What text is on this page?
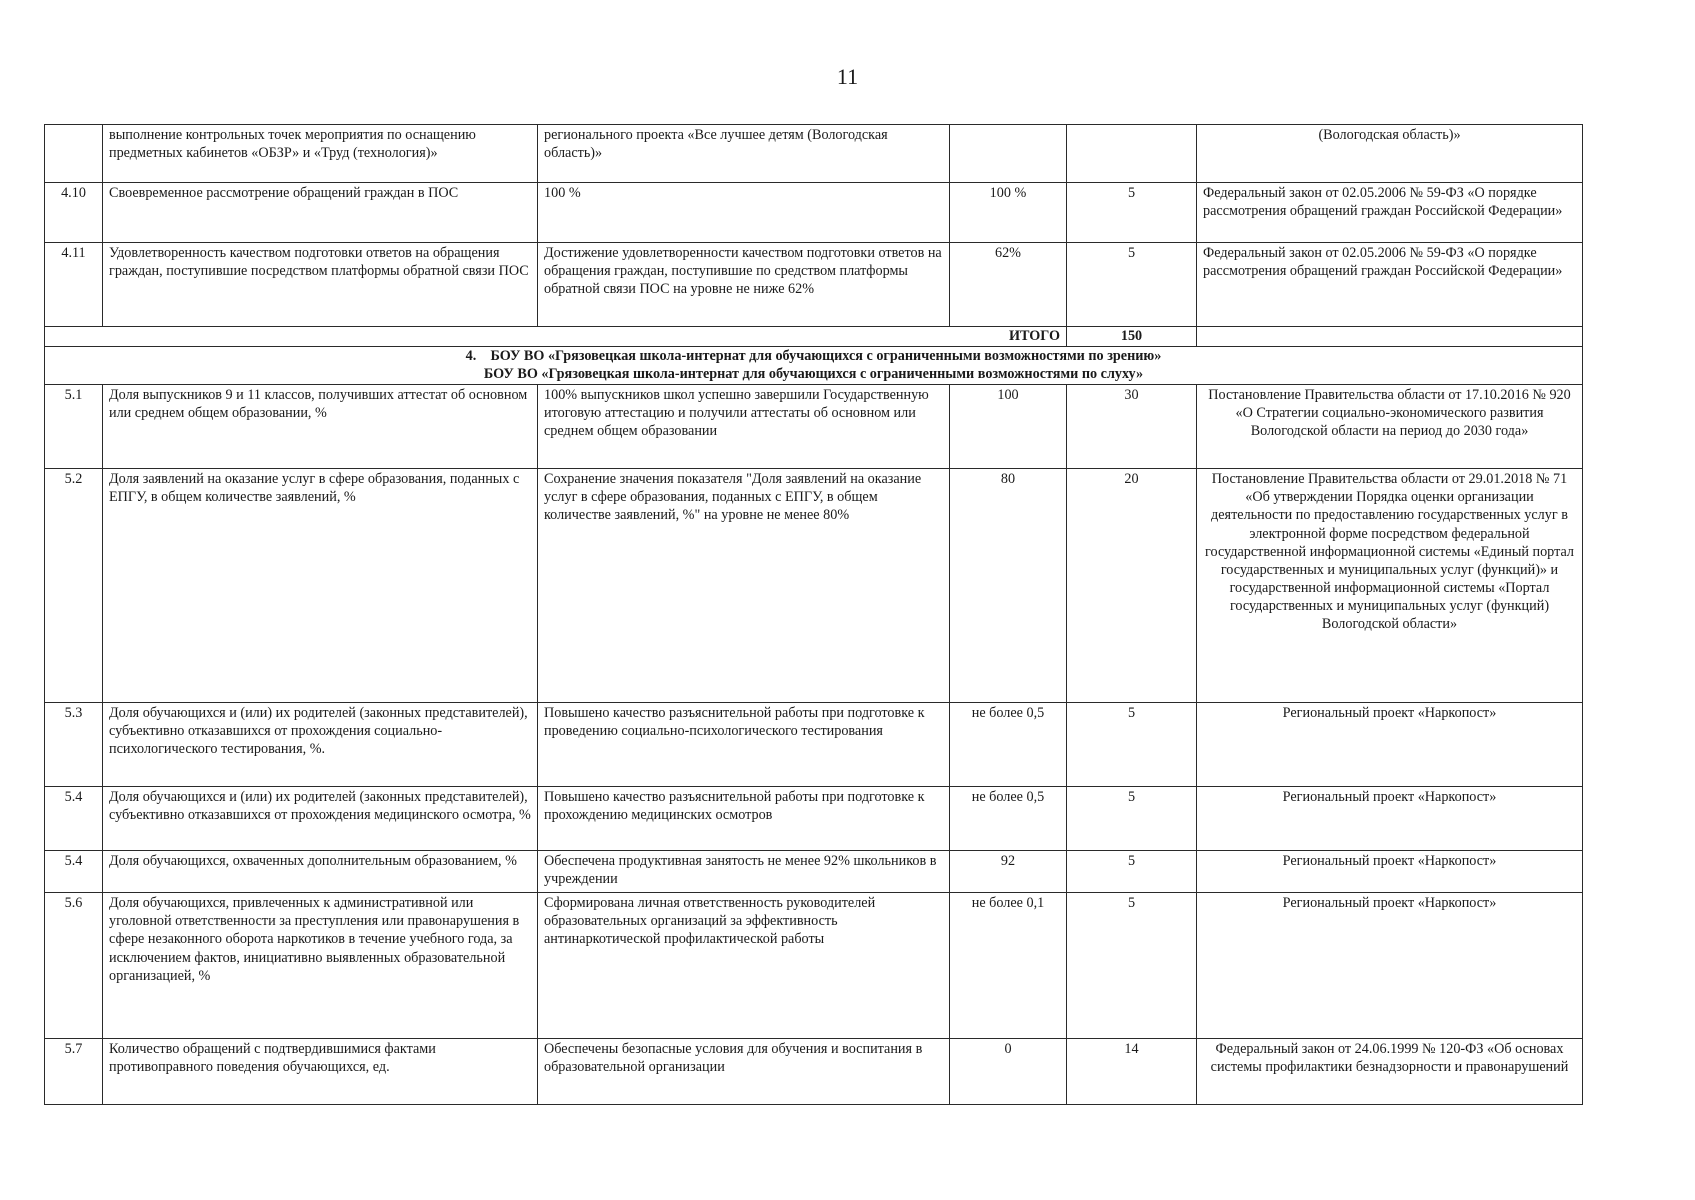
11
	выполнение контрольных точек мероприятия по оснащению предметных кабинетов «ОБЗР» и «Труд (технология)»	регионального проекта «Все лучшее детям (Вологодская область)»			(Вологодская область)»
4.10	Своевременное рассмотрение обращений граждан в ПОС	100 %	100 %	5	Федеральный закон от 02.05.2006 № 59-ФЗ «О порядке рассмотрения обращений граждан Российской Федерации»
4.11	Удовлетворенность качеством подготовки ответов на обращения граждан, поступившие посредством платформы обратной связи ПОС	Достижение удовлетворенности качеством подготовки ответов на обращения граждан, поступившие по средством платформы обратной связи ПОС на уровне не ниже 62%	62%	5	Федеральный закон от 02.05.2006 № 59-ФЗ «О порядке рассмотрения обращений граждан Российской Федерации»
ИТОГО				150	

4.    БОУ ВО «Грязовецкая школа-интернат для обучающихся с ограниченными возможностями по зрению»
БОУ ВО «Грязовецкая школа-интернат для обучающихся с ограниченными возможностями по слуху»					

5.1	Доля выпускников 9 и 11 классов, получивших аттестат об основном или среднем общем образовании, %	100% выпускников школ успешно завершили Государственную итоговую аттестацию и получили аттестаты об основном или среднем общем образовании	100	30	Постановление Правительства области от 17.10.2016 № 920 «О Стратегии социально-экономического развития Вологодской области на период до 2030 года»
5.2	Доля заявлений на оказание услуг в сфере образования, поданных с ЕПГУ, в общем количестве заявлений, %	Сохранение значения показателя "Доля заявлений на оказание услуг в сфере образования, поданных с ЕПГУ, в общем количестве заявлений, %" на уровне не менее 80%	80	20	Постановление Правительства области от 29.01.2018 № 71 «Об утверждении Порядка оценки организации деятельности по предоставлению государственных услуг в электронной форме посредством федеральной государственной информационной системы «Единый портал государственных и муниципальных услуг (функций)» и государственной информационной системы «Портал государственных и муниципальных услуг (функций) Вологодской области»
5.3	Доля обучающихся и (или) их родителей (законных представителей), субъективно отказавшихся от прохождения социально-психологического тестирования, %.	Повышено качество разъяснительной работы при подготовке к проведению социально-психологического тестирования	не более 0,5	5	Региональный проект «Наркопост»
5.4	Доля обучающихся и (или) их родителей (законных представителей), субъективно отказавшихся от прохождения медицинского осмотра, %	Повышено качество разъяснительной работы при подготовке к прохождению медицинских осмотров	не более 0,5	5	Региональный проект «Наркопост»
5.4	Доля обучающихся, охваченных дополнительным образованием, %	Обеспечена продуктивная занятость не менее 92% школьников в учреждении	92	5	Региональный проект «Наркопост»
5.6	Доля обучающихся, привлеченных к административной или уголовной ответственности за преступления или правонарушения в сфере незаконного оборота наркотиков в течение учебного года, за исключением фактов, инициативно выявленных образовательной организацией, %	Сформирована личная ответственность руководителей образовательных организаций за эффективность антинаркотической профилактической работы	не более 0,1	5	Региональный проект «Наркопост»
5.7	Количество обращений с подтвердившимися фактами противоправного поведения обучающихся, ед.	Обеспечены безопасные условия для обучения и воспитания в образовательной организации	0	14	Федеральный закон от 24.06.1999 № 120-ФЗ «Об основах системы профилактики безнадзорности и правонарушений
